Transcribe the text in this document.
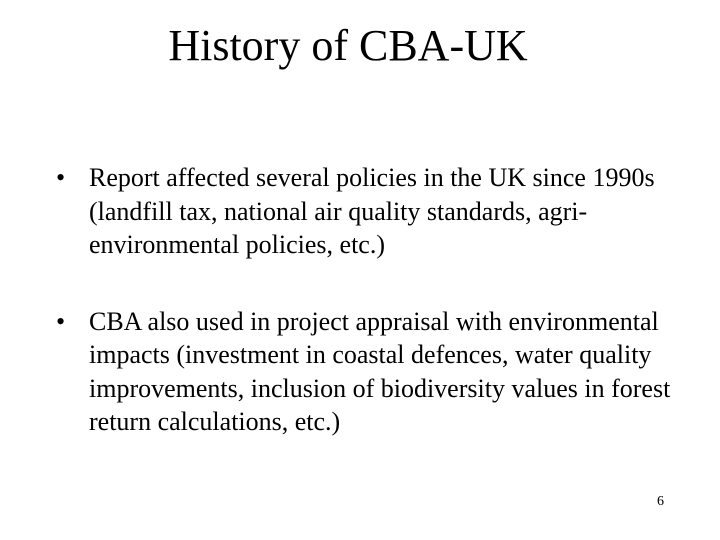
History of CBA-UK
• Report affected several policies in the UK since 1990s (landfill tax, national air quality standards, agri-environmental policies, etc.)
• CBA also used in project appraisal with environmental impacts (investment in coastal defences, water quality improvements, inclusion of biodiversity values in forest return calculations, etc.)
6
